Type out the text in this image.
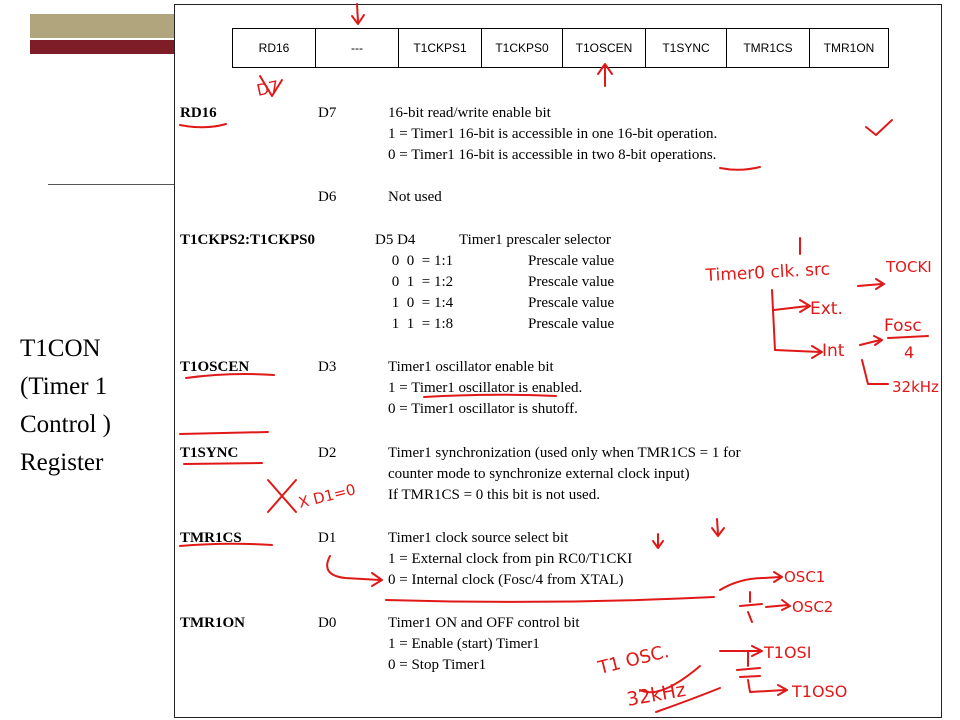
T1CON
(Timer 1
Control )
Register
RD16	---	T1CKPS1	T1CKPS0	T1OSCEN	T1SYNC	TMR1CS	TMR1ON
RD16	D7	16-bit read/write enable bit
1 = Timer1 16-bit is accessible in one 16-bit operation.
0 = Timer1 16-bit is accessible in two 8-bit operations.
D6	Not used
T1CKPS2:T1CKPS0	D5 D4	Timer1 prescaler selector
0  0  = 1:1	Prescale value
0  1  = 1:2	Prescale value
1  0  = 1:4	Prescale value
1  1  = 1:8	Prescale value
T1OSCEN	D3	Timer1 oscillator enable bit
1 = Timer1 oscillator is enabled.
0 = Timer1 oscillator is shutoff.
T1SYNC	D2	Timer1 synchronization (used only when TMR1CS = 1 for
counter mode to synchronize external clock input)
If TMR1CS = 0 this bit is not used.
TMR1CS	D1	Timer1 clock source select bit
1 = External clock from pin RC0/T1CKI
0 = Internal clock (Fosc/4 from XTAL)
TMR1ON	D0	Timer1 ON and OFF control bit
1 = Enable (start) Timer1
0 = Stop Timer1
D7
Timer0 clk. src
Ext.
TOCKI
Int
Fosc
4
32kHz
X D1=0
OSC1
OSC2
T1 OSC.
32kHz
T1OSI
T1OSO
